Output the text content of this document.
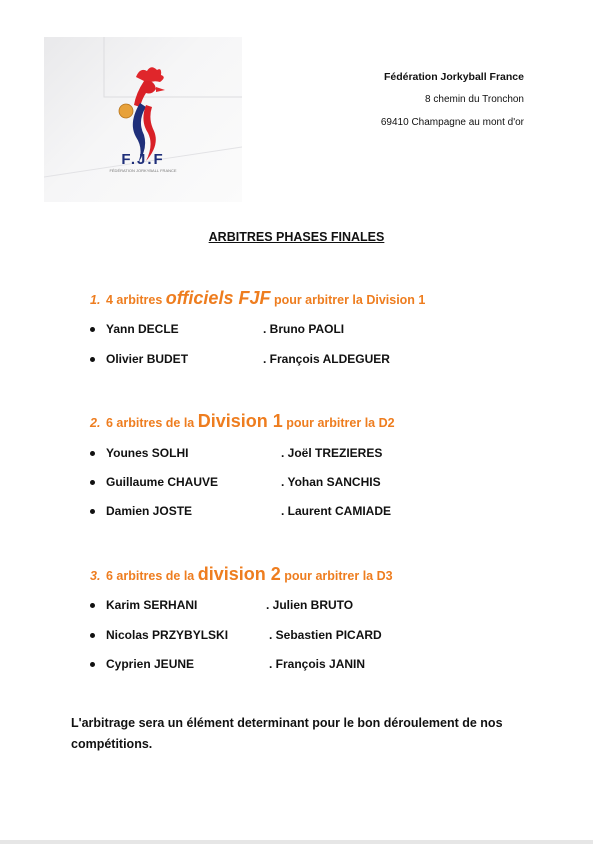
F.J.F
FÉDÉRATION JORKYBALL FRANCE
Fédération Jorkyball France
8 chemin du Tronchon
69410 Champagne au mont d'or
ARBITRES PHASES FINALES
1. 4 arbitres officiels FJF pour arbitrer la Division 1
Yann DECLE	. Bruno PAOLI
Olivier BUDET	. François ALDEGUER
2. 6 arbitres de la Division 1 pour arbitrer la D2
Younes SOLHI	. Joël TREZIERES
Guillaume CHAUVE	. Yohan SANCHIS
Damien JOSTE	. Laurent CAMIADE
3. 6 arbitres de la division 2 pour arbitrer la D3
Karim SERHANI	. Julien BRUTO
Nicolas PRZYBYLSKI	. Sebastien PICARD
Cyprien JEUNE	. François JANIN
L'arbitrage sera un élément determinant pour le bon déroulement de nos compétitions.
